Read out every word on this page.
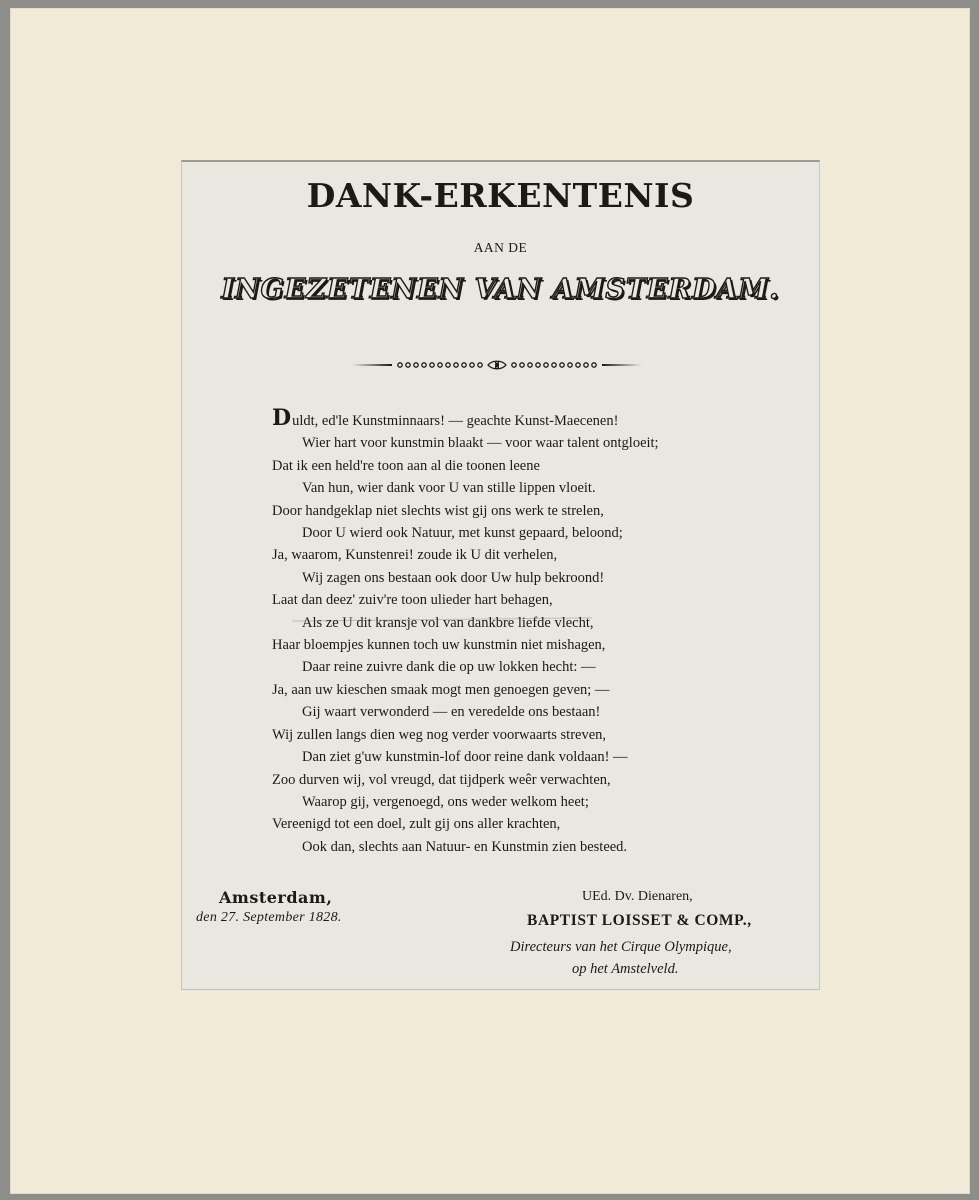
DANK-ERKENTENIS
AAN DE
INGEZETENEN VAN AMSTERDAM.
Duldt, ed'le Kunstminnaars! — geachte Kunst-Maecenen!
Wier hart voor kunstmin blaakt — voor waar talent ontgloeit;
Dat ik een held're toon aan al die toonen leene
Van hun, wier dank voor U van stille lippen vloeit.
Door handgeklap niet slechts wist gij ons werk te strelen,
Door U wierd ook Natuur, met kunst gepaard, beloond;
Ja, waarom, Kunstenrei! zoude ik U dit verhelen,
Wij zagen ons bestaan ook door Uw hulp bekroond!
Laat dan deez' zuiv're toon ulieder hart behagen,
Als ze U dit kransje vol van dankbre liefde vlecht,
Haar bloempjes kunnen toch uw kunstmin niet mishagen,
Daar reine zuivre dank die op uw lokken hecht: —
Ja, aan uw kieschen smaak mogt men genoegen geven; —
Gij waart verwonderd — en veredelde ons bestaan!
Wij zullen langs dien weg nog verder voorwaarts streven,
Dan ziet g'uw kunstmin-lof door reine dank voldaan! —
Zoo durven wij, vol vreugd, dat tijdperk weêr verwachten,
Waarop gij, vergenoegd, ons weder welkom heet;
Vereenigd tot een doel, zult gij ons aller krachten,
Ook dan, slechts aan Natuur- en Kunstmin zien besteed.
Amsterdam,
den 27. September 1828.
UEd. Dv. Dienaren,
BAPTIST LOISSET & COMP.,
Directeurs van het Cirque Olympique,
op het Amstelveld.
